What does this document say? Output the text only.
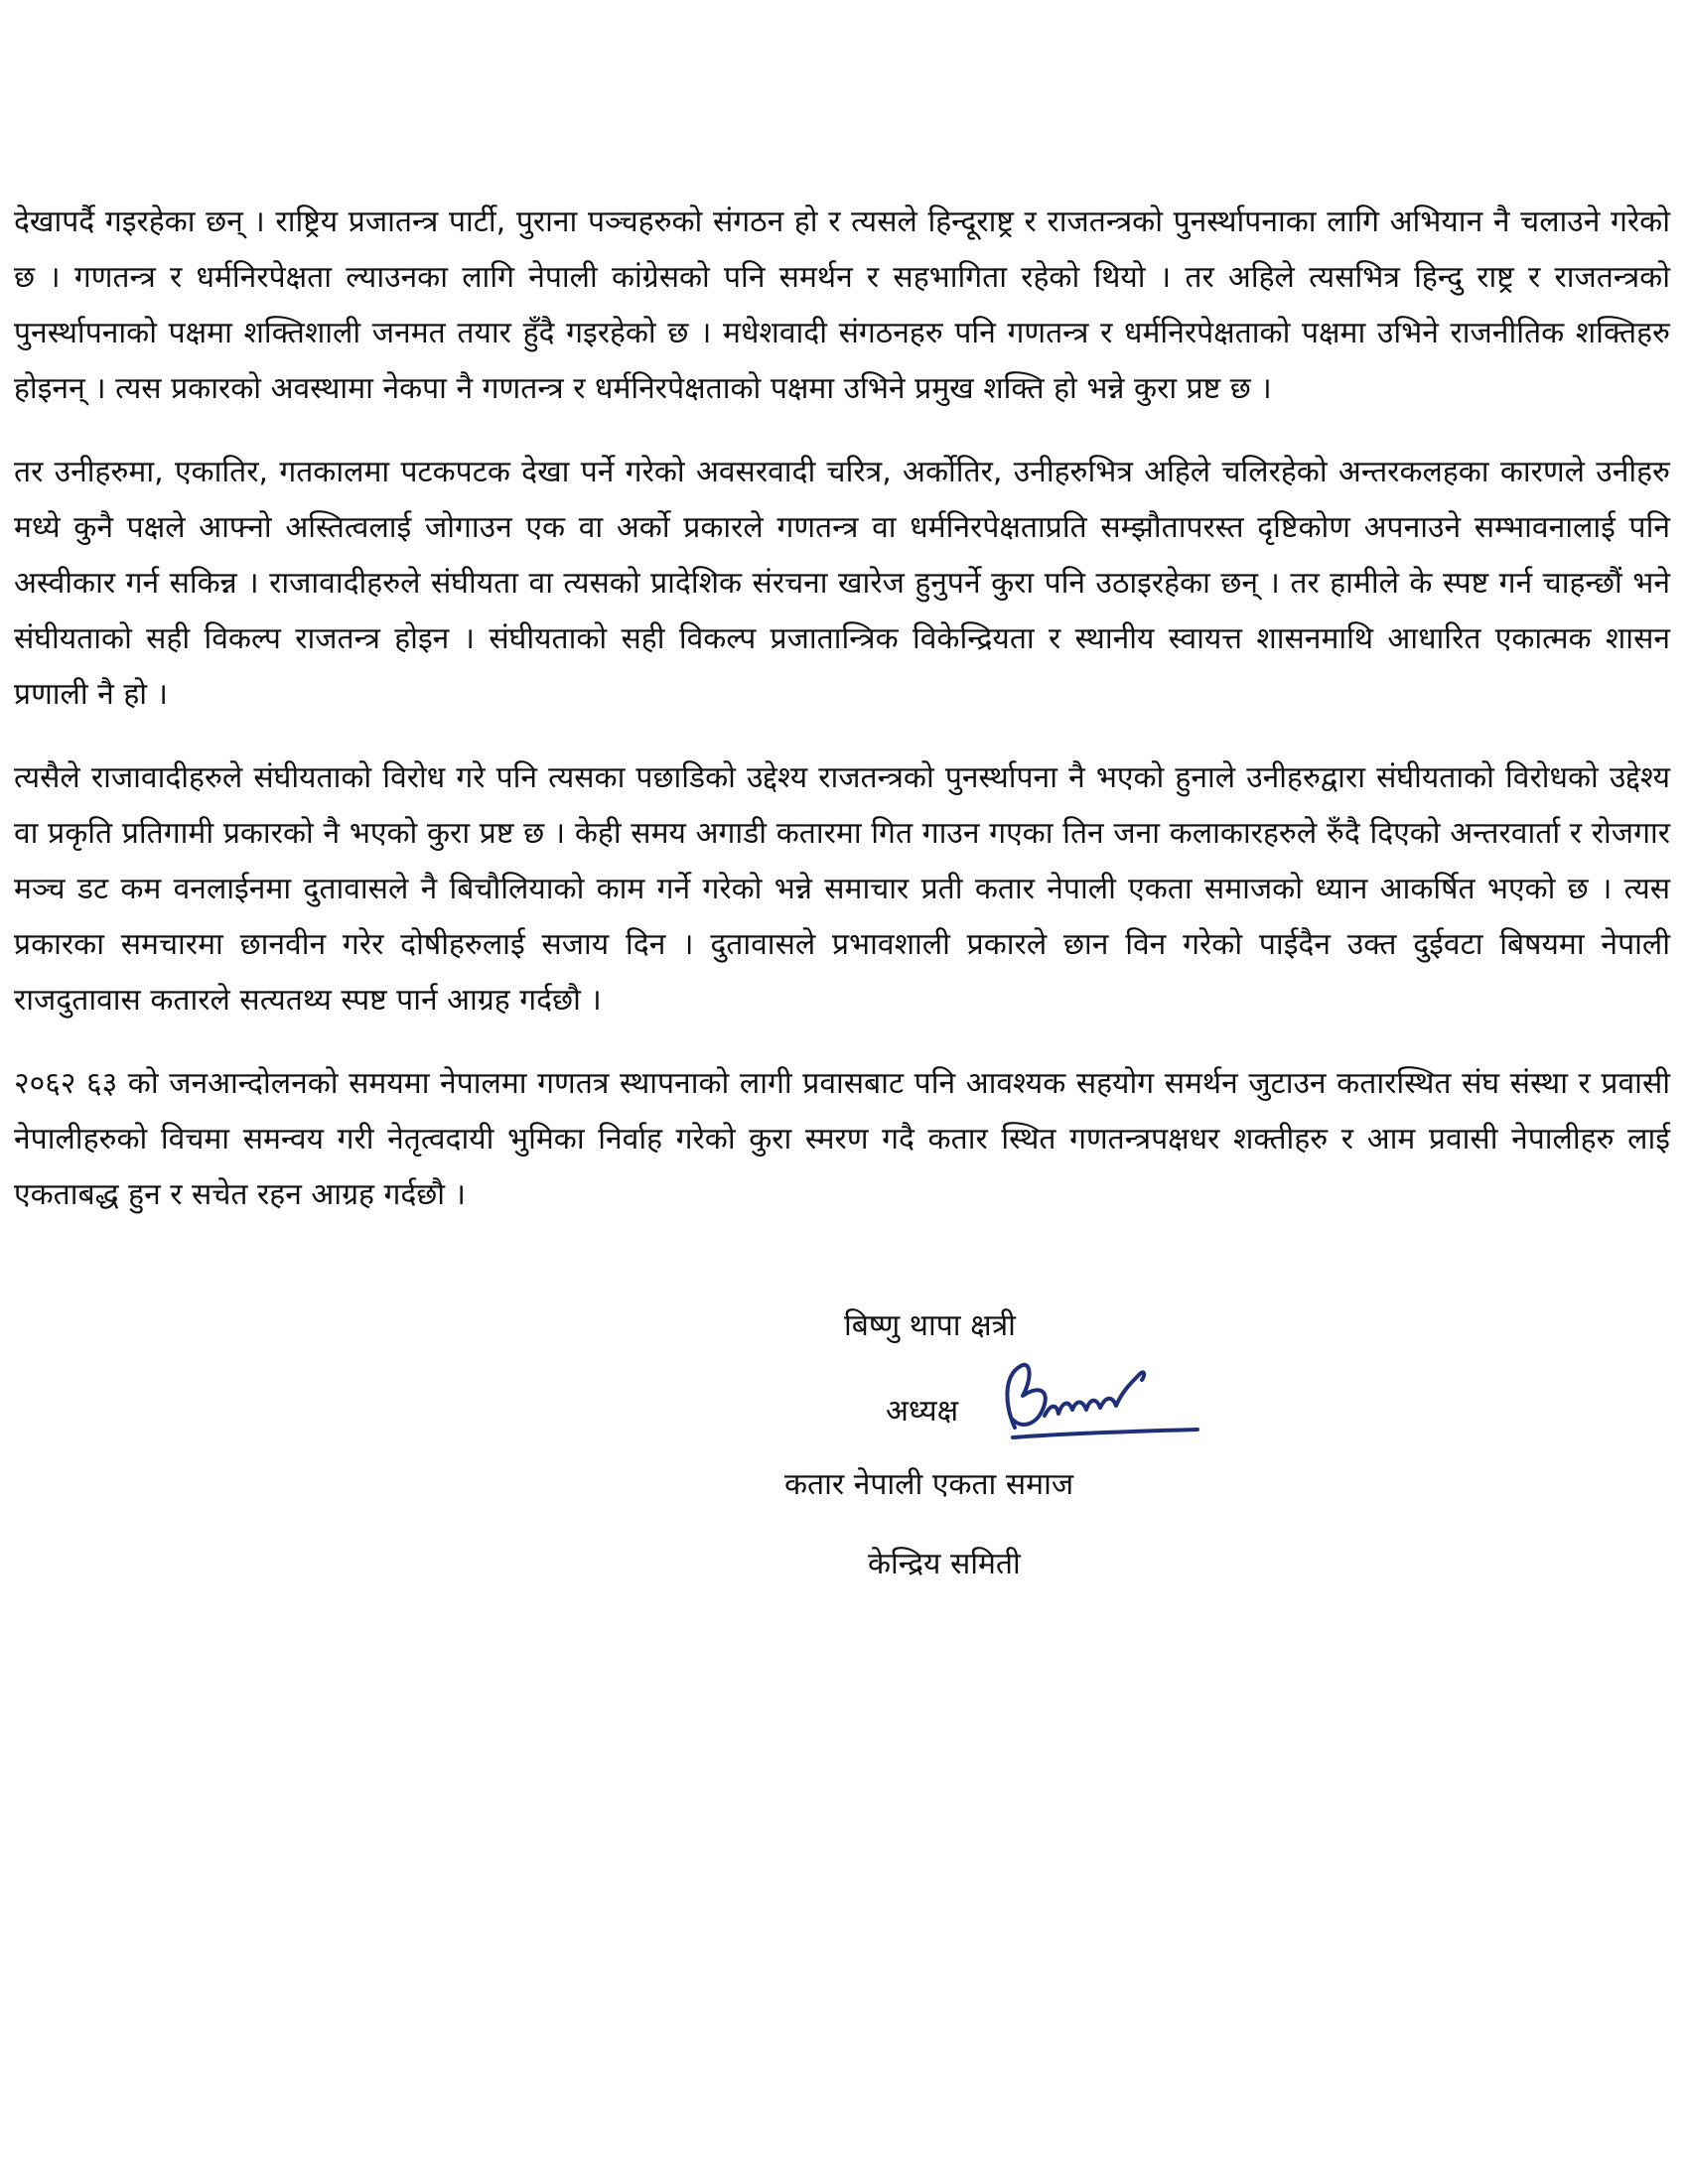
देखापर्दै गइरहेका छन् । राष्ट्रिय प्रजातन्त्र पार्टी, पुराना पञ्चहरुको संगठन हो र त्यसले हिन्दूराष्ट्र र राजतन्त्रको पुनर्स्थापनाका लागि अभियान नै चलाउने गरेको छ । गणतन्त्र र धर्मनिरपेक्षता ल्याउनका लागि नेपाली कांग्रेसको पनि समर्थन र सहभागिता रहेको थियो । तर अहिले त्यसभित्र हिन्दु राष्ट्र र राजतन्त्रको पुनर्स्थापनाको पक्षमा शक्तिशाली जनमत तयार हुँदै गइरहेको छ । मधेशवादी संगठनहरु पनि गणतन्त्र र धर्मनिरपेक्षताको पक्षमा उभिने राजनीतिक शक्तिहरु होइनन् । त्यस प्रकारको अवस्थामा नेकपा नै गणतन्त्र र धर्मनिरपेक्षताको पक्षमा उभिने प्रमुख शक्ति हो भन्ने कुरा प्रष्ट छ ।

तर उनीहरुमा, एकातिर, गतकालमा पटकपटक देखा पर्ने गरेको अवसरवादी चरित्र, अर्कोतिर, उनीहरुभित्र अहिले चलिरहेको अन्तरकलहका कारणले उनीहरु मध्ये कुनै पक्षले आफ्नो अस्तित्वलाई जोगाउन एक वा अर्को प्रकारले गणतन्त्र वा धर्मनिरपेक्षताप्रति सम्झौतापरस्त दृष्टिकोण अपनाउने सम्भावनालाई पनि अस्वीकार गर्न सकिन्न । राजावादीहरुले संघीयता वा त्यसको प्रादेशिक संरचना खारेज हुनुपर्ने कुरा पनि उठाइरहेका छन् । तर हामीले के स्पष्ट गर्न चाहन्छौं भने संघीयताको सही विकल्प राजतन्त्र होइन । संघीयताको सही विकल्प प्रजातान्त्रिक विकेन्द्रियता र स्थानीय स्वायत्त शासनमाथि आधारित एकात्मक शासन प्रणाली नै हो ।

त्यसैले राजावादीहरुले संघीयताको विरोध गरे पनि त्यसका पछाडिको उद्देश्य राजतन्त्रको पुनर्स्थापना नै भएको हुनाले उनीहरुद्वारा संघीयताको विरोधको उद्देश्य वा प्रकृति प्रतिगामी प्रकारको नै भएको कुरा प्रष्ट छ । केही समय अगाडी कतारमा गित गाउन गएका तिन जना कलाकारहरुले रुँदै दिएको अन्तरवार्ता र रोजगार मञ्च डट कम वनलाईनमा दुतावासले नै बिचौलियाको काम गर्ने गरेको भन्ने समाचार प्रती कतार नेपाली एकता समाजको ध्यान आकर्षित भएको छ । त्यस प्रकारका समचारमा छानवीन गरेर दोषीहरुलाई सजाय दिन । दुतावासले प्रभावशाली प्रकारले छान विन गरेको पाईदैन उक्त दुईवटा बिषयमा नेपाली राजदुतावास कतारले सत्यतथ्य स्पष्ट पार्न आग्रह गर्दछौ ।

२०६२ ६३ को जनआन्दोलनको समयमा नेपालमा गणतत्र स्थापनाको लागी प्रवासबाट पनि आवश्यक सहयोग समर्थन जुटाउन कतारस्थित संघ संस्था र प्रवासी नेपालीहरुको विचमा समन्वय गरी नेतृत्वदायी भुमिका निर्वाह गरेको कुरा स्मरण गदै कतार स्थित गणतन्त्रपक्षधर शक्तीहरु र आम प्रवासी नेपालीहरु लाई एकताबद्ध हुन र सचेत रहन आग्रह गर्दछौ ।

बिष्णु थापा क्षत्री
अध्यक्ष
कतार नेपाली एकता समाज
केन्द्रिय समिती
